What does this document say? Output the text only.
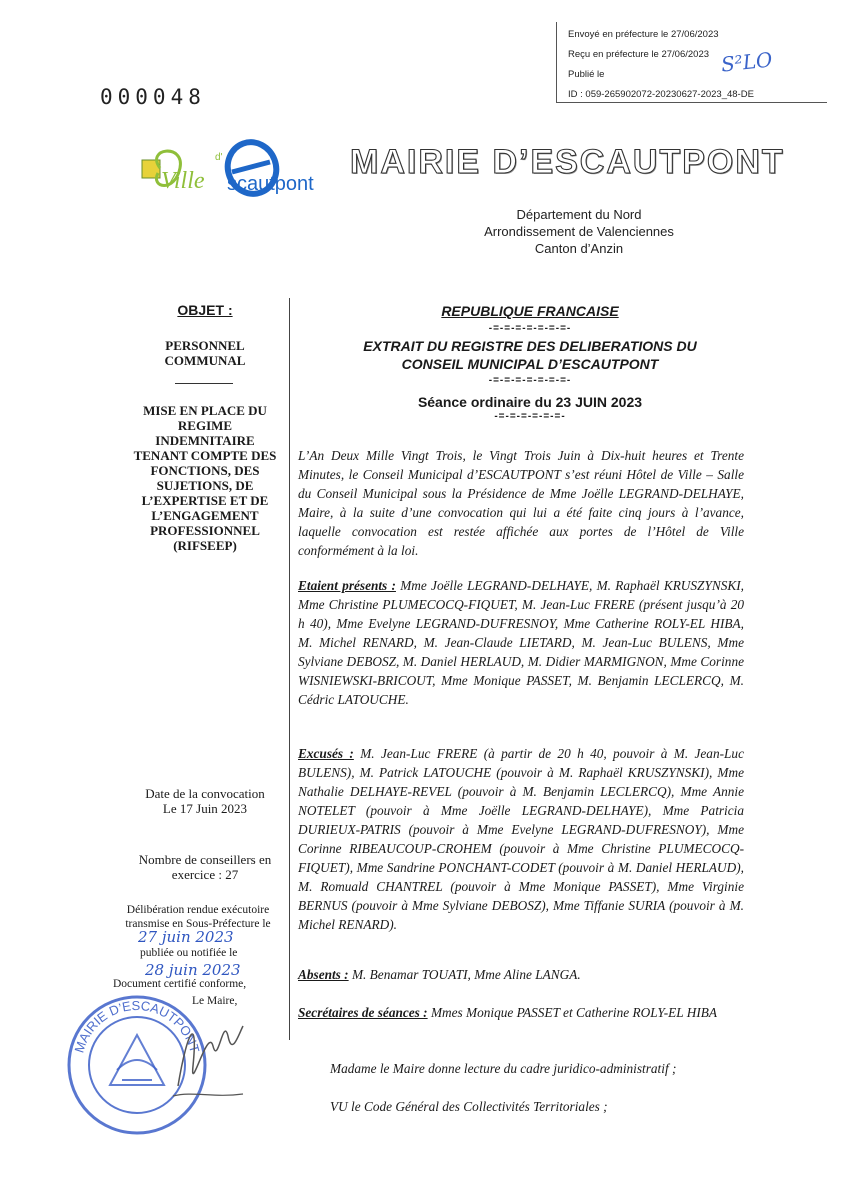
Envoyé en préfecture le 27/06/2023
Reçu en préfecture le 27/06/2023
Publié le
ID : 059-265902072-20230627-2023_48-DE
S²LO
000048
Ville
d'
scautpont
MAIRIE D’ESCAUTPONT
Département du Nord
Arrondissement de Valenciennes
Canton d’Anzin
OBJET :
PERSONNEL COMMUNAL
MISE EN PLACE DU REGIME INDEMNITAIRE TENANT COMPTE DES FONCTIONS, DES SUJETIONS, DE L’EXPERTISE ET DE L’ENGAGEMENT PROFESSIONNEL (RIFSEEP)
Date de la convocation
Le 17 Juin 2023
Nombre de conseillers en
exercice : 27
Délibération rendue exécutoire transmise en Sous-Préfecture le
27 juin 2023
publiée ou notifiée le
28 juin 2023
Document certifié conforme,
Le Maire,
MAIRIE D’ESCAUTPONT
REPUBLIQUE FRANCAISE
-=-=-=-=-=-=-=-
EXTRAIT DU REGISTRE DES DELIBERATIONS DU
CONSEIL MUNICIPAL D’ESCAUTPONT
-=-=-=-=-=-=-=-
Séance ordinaire du 23 JUIN 2023
-=-=-=-=-=-=-
L’An Deux Mille Vingt Trois, le Vingt Trois Juin à Dix-huit heures et Trente Minutes, le Conseil Municipal d’ESCAUTPONT s’est réuni Hôtel de Ville – Salle du Conseil Municipal sous la Présidence de Mme Joëlle LEGRAND-DELHAYE, Maire, à la suite d’une convocation qui lui a été faite cinq jours à l’avance, laquelle convocation est restée affichée aux portes de l’Hôtel de Ville conformément à la loi.
Etaient présents : Mme Joëlle LEGRAND-DELHAYE, M. Raphaël KRUSZYNSKI, Mme Christine PLUMECOCQ-FIQUET, M. Jean-Luc FRERE (présent jusqu’à 20 h 40), Mme Evelyne LEGRAND-DUFRESNOY, Mme Catherine ROLY-EL HIBA, M. Michel RENARD, M. Jean-Claude LIETARD, M. Jean-Luc BULENS, Mme Sylviane DEBOSZ, M. Daniel HERLAUD, M. Didier MARMIGNON, Mme Corinne WISNIEWSKI-BRICOUT, Mme Monique PASSET, M. Benjamin LECLERCQ, M. Cédric LATOUCHE.
Excusés : M. Jean-Luc FRERE (à partir de 20 h 40, pouvoir à M. Jean-Luc BULENS), M. Patrick LATOUCHE (pouvoir à M. Raphaël KRUSZYNSKI), Mme Nathalie DELHAYE-REVEL (pouvoir à M. Benjamin LECLERCQ), Mme Annie NOTELET (pouvoir à Mme Joëlle LEGRAND-DELHAYE), Mme Patricia DURIEUX-PATRIS (pouvoir à Mme Evelyne LEGRAND-DUFRESNOY), Mme Corinne RIBEAUCOUP-CROHEM (pouvoir à Mme Christine PLUMECOCQ-FIQUET), Mme Sandrine PONCHANT-CODET (pouvoir à M. Daniel HERLAUD), M. Romuald CHANTREL (pouvoir à Mme Monique PASSET), Mme Virginie BERNUS (pouvoir à Mme Sylviane DEBOSZ), Mme Tiffanie SURIA (pouvoir à M. Michel RENARD).
Absents : M. Benamar TOUATI, Mme Aline LANGA.
Secrétaires de séances : Mmes Monique PASSET et Catherine ROLY-EL HIBA
Madame le Maire donne lecture du cadre juridico-administratif ;
VU le Code Général des Collectivités Territoriales ;
